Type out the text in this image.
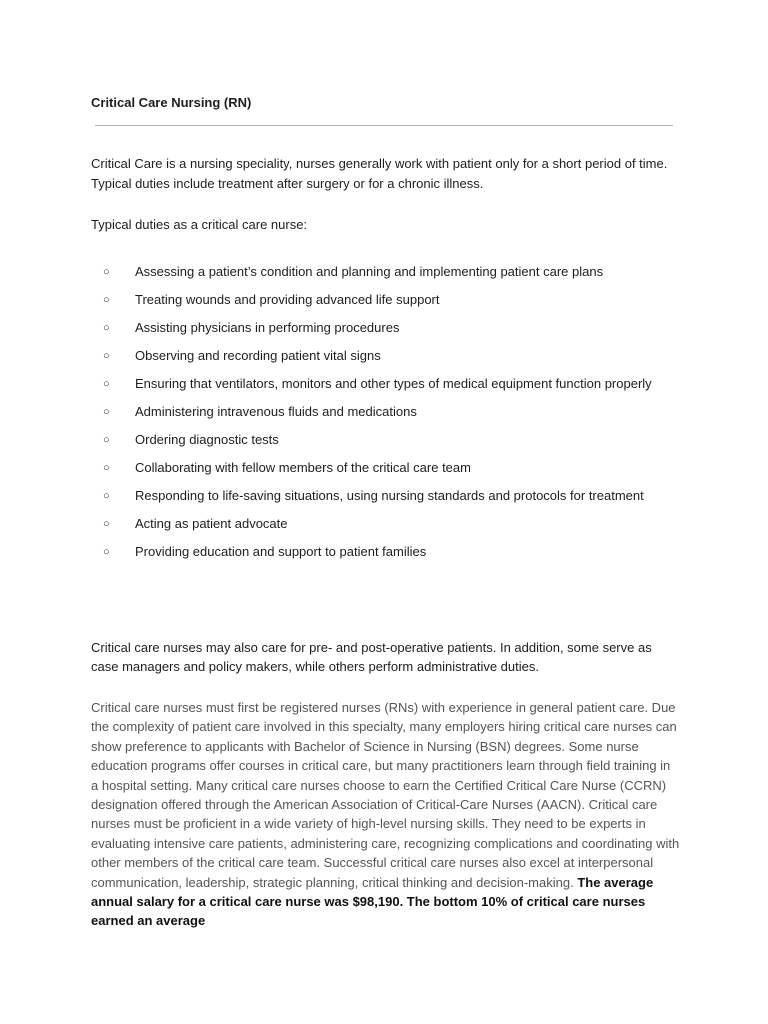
Critical Care Nursing (RN)

Critical Care is a nursing speciality, nurses generally work with patient only for a short period of time. Typical duties include treatment after surgery or for a chronic illness.

Typical duties as a critical care nurse:

○ Assessing a patient’s condition and planning and implementing patient care plans
○ Treating wounds and providing advanced life support
○ Assisting physicians in performing procedures
○ Observing and recording patient vital signs
○ Ensuring that ventilators, monitors and other types of medical equipment function properly
○ Administering intravenous fluids and medications
○ Ordering diagnostic tests
○ Collaborating with fellow members of the critical care team
○ Responding to life-saving situations, using nursing standards and protocols for treatment
○ Acting as patient advocate
○ Providing education and support to patient families

Critical care nurses may also care for pre- and post-operative patients. In addition, some serve as case managers and policy makers, while others perform administrative duties.

Critical care nurses must first be registered nurses (RNs) with experience in general patient care. Due the complexity of patient care involved in this specialty, many employers hiring critical care nurses can show preference to applicants with Bachelor of Science in Nursing (BSN) degrees. Some nurse education programs offer courses in critical care, but many practitioners learn through field training in a hospital setting. Many critical care nurses choose to earn the Certified Critical Care Nurse (CCRN) designation offered through the American Association of Critical-Care Nurses (AACN). Critical care nurses must be proficient in a wide variety of high-level nursing skills. They need to be experts in evaluating intensive care patients, administering care, recognizing complications and coordinating with other members of the critical care team. Successful critical care nurses also excel at interpersonal communication, leadership, strategic planning, critical thinking and decision-making. The average annual salary for a critical care nurse was $98,190. The bottom 10% of critical care nurses earned an average
